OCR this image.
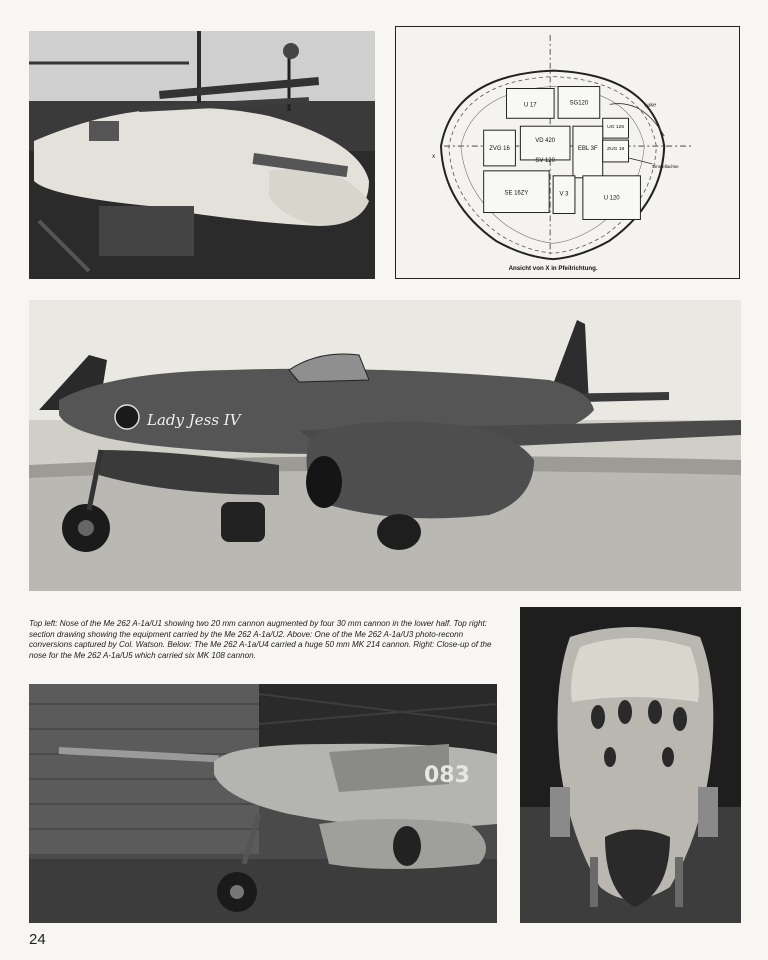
U 17	SG120
UG 126
VD 420
SV 120
ZVG 16	EBL 3F ZUG 18
SE 16ZY	V 3
U 120
Luke
Einstellachse
x
Ansicht von X in Pfeilrichtung.
Lady Jess IV
Top left: Nose of the Me 262 A-1a/U1 showing two 20 mm cannon augmented by four 30 mm cannon in the lower half. Top right: section drawing showing the equipment carried by the Me 262 A-1a/U2. Above: One of the Me 262 A-1a/U3 photo-reconn conversions captured by Col. Watson. Below: The Me 262 A-1a/U4 carried a huge 50 mm MK 214 cannon. Right: Close-up of the nose for the Me 262 A-1a/U5 which carried six MK 108 cannon.
083
24
